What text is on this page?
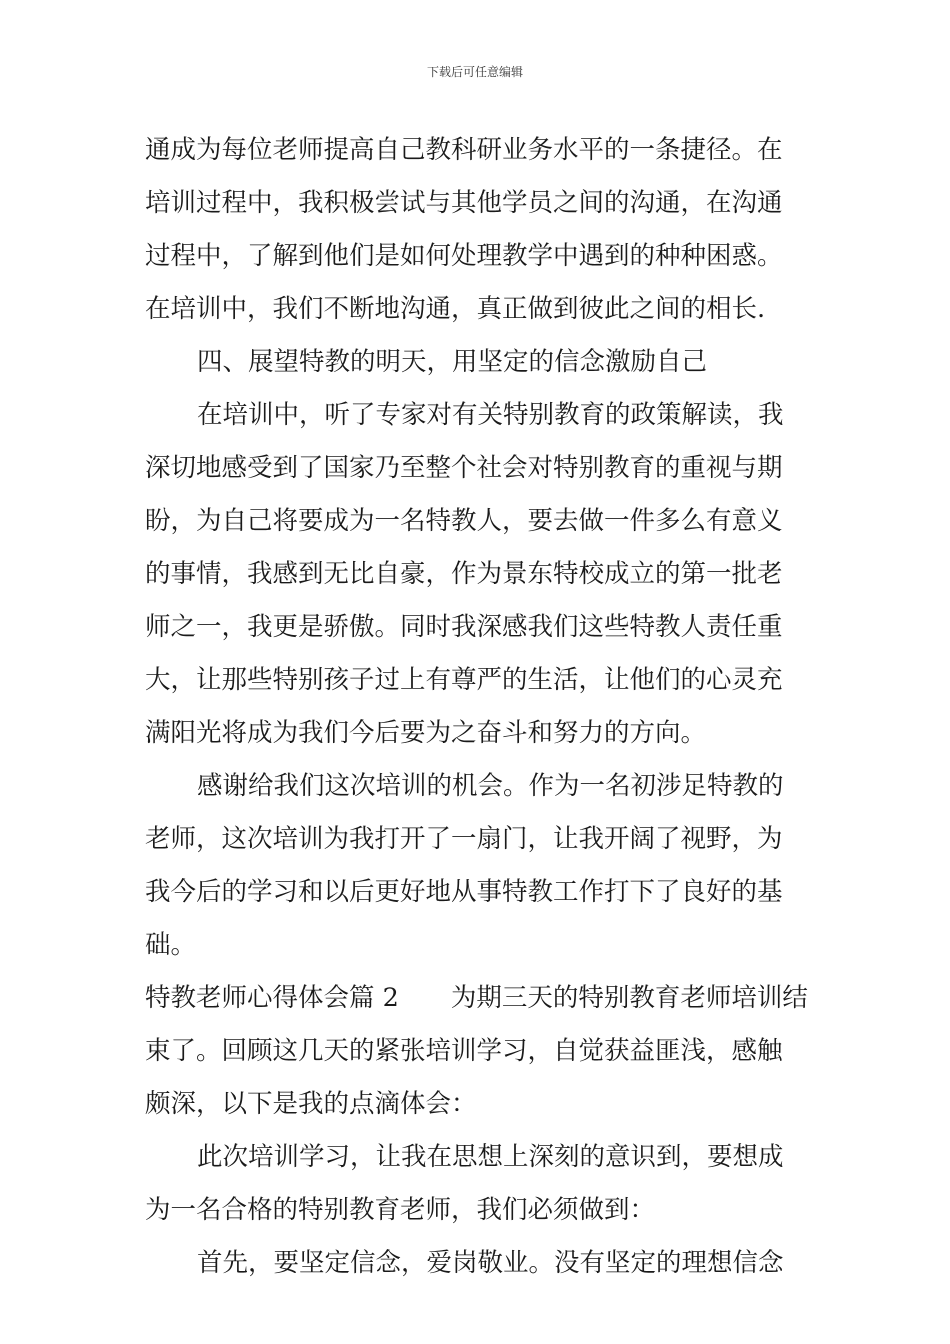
下载后可任意编辑
通成为每位老师提高自己教科研业务水平的一条捷径。在
培训过程中，我积极尝试与其他学员之间的沟通，在沟通
过程中，了解到他们是如何处理教学中遇到的种种困惑。
在培训中，我们不断地沟通，真正做到彼此之间的相长.
四、展望特教的明天，用坚定的信念激励自己
在培训中，听了专家对有关特别教育的政策解读，我
深切地感受到了国家乃至整个社会对特别教育的重视与期
盼，为自己将要成为一名特教人，要去做一件多么有意义
的事情，我感到无比自豪，作为景东特校成立的第一批老
师之一，我更是骄傲。同时我深感我们这些特教人责任重
大，让那些特别孩子过上有尊严的生活，让他们的心灵充
满阳光将成为我们今后要为之奋斗和努力的方向。
感谢给我们这次培训的机会。作为一名初涉足特教的
老师，这次培训为我打开了一扇门，让我开阔了视野，为
我今后的学习和以后更好地从事特教工作打下了良好的基
础。
特教老师心得体会篇 2 为期三天的特别教育老师培训结
束了。回顾这几天的紧张培训学习，自觉获益匪浅，感触
颇深，以下是我的点滴体会：
此次培训学习，让我在思想上深刻的意识到，要想成
为一名合格的特别教育老师，我们必须做到：
首先，要坚定信念，爱岗敬业。没有坚定的理想信念
